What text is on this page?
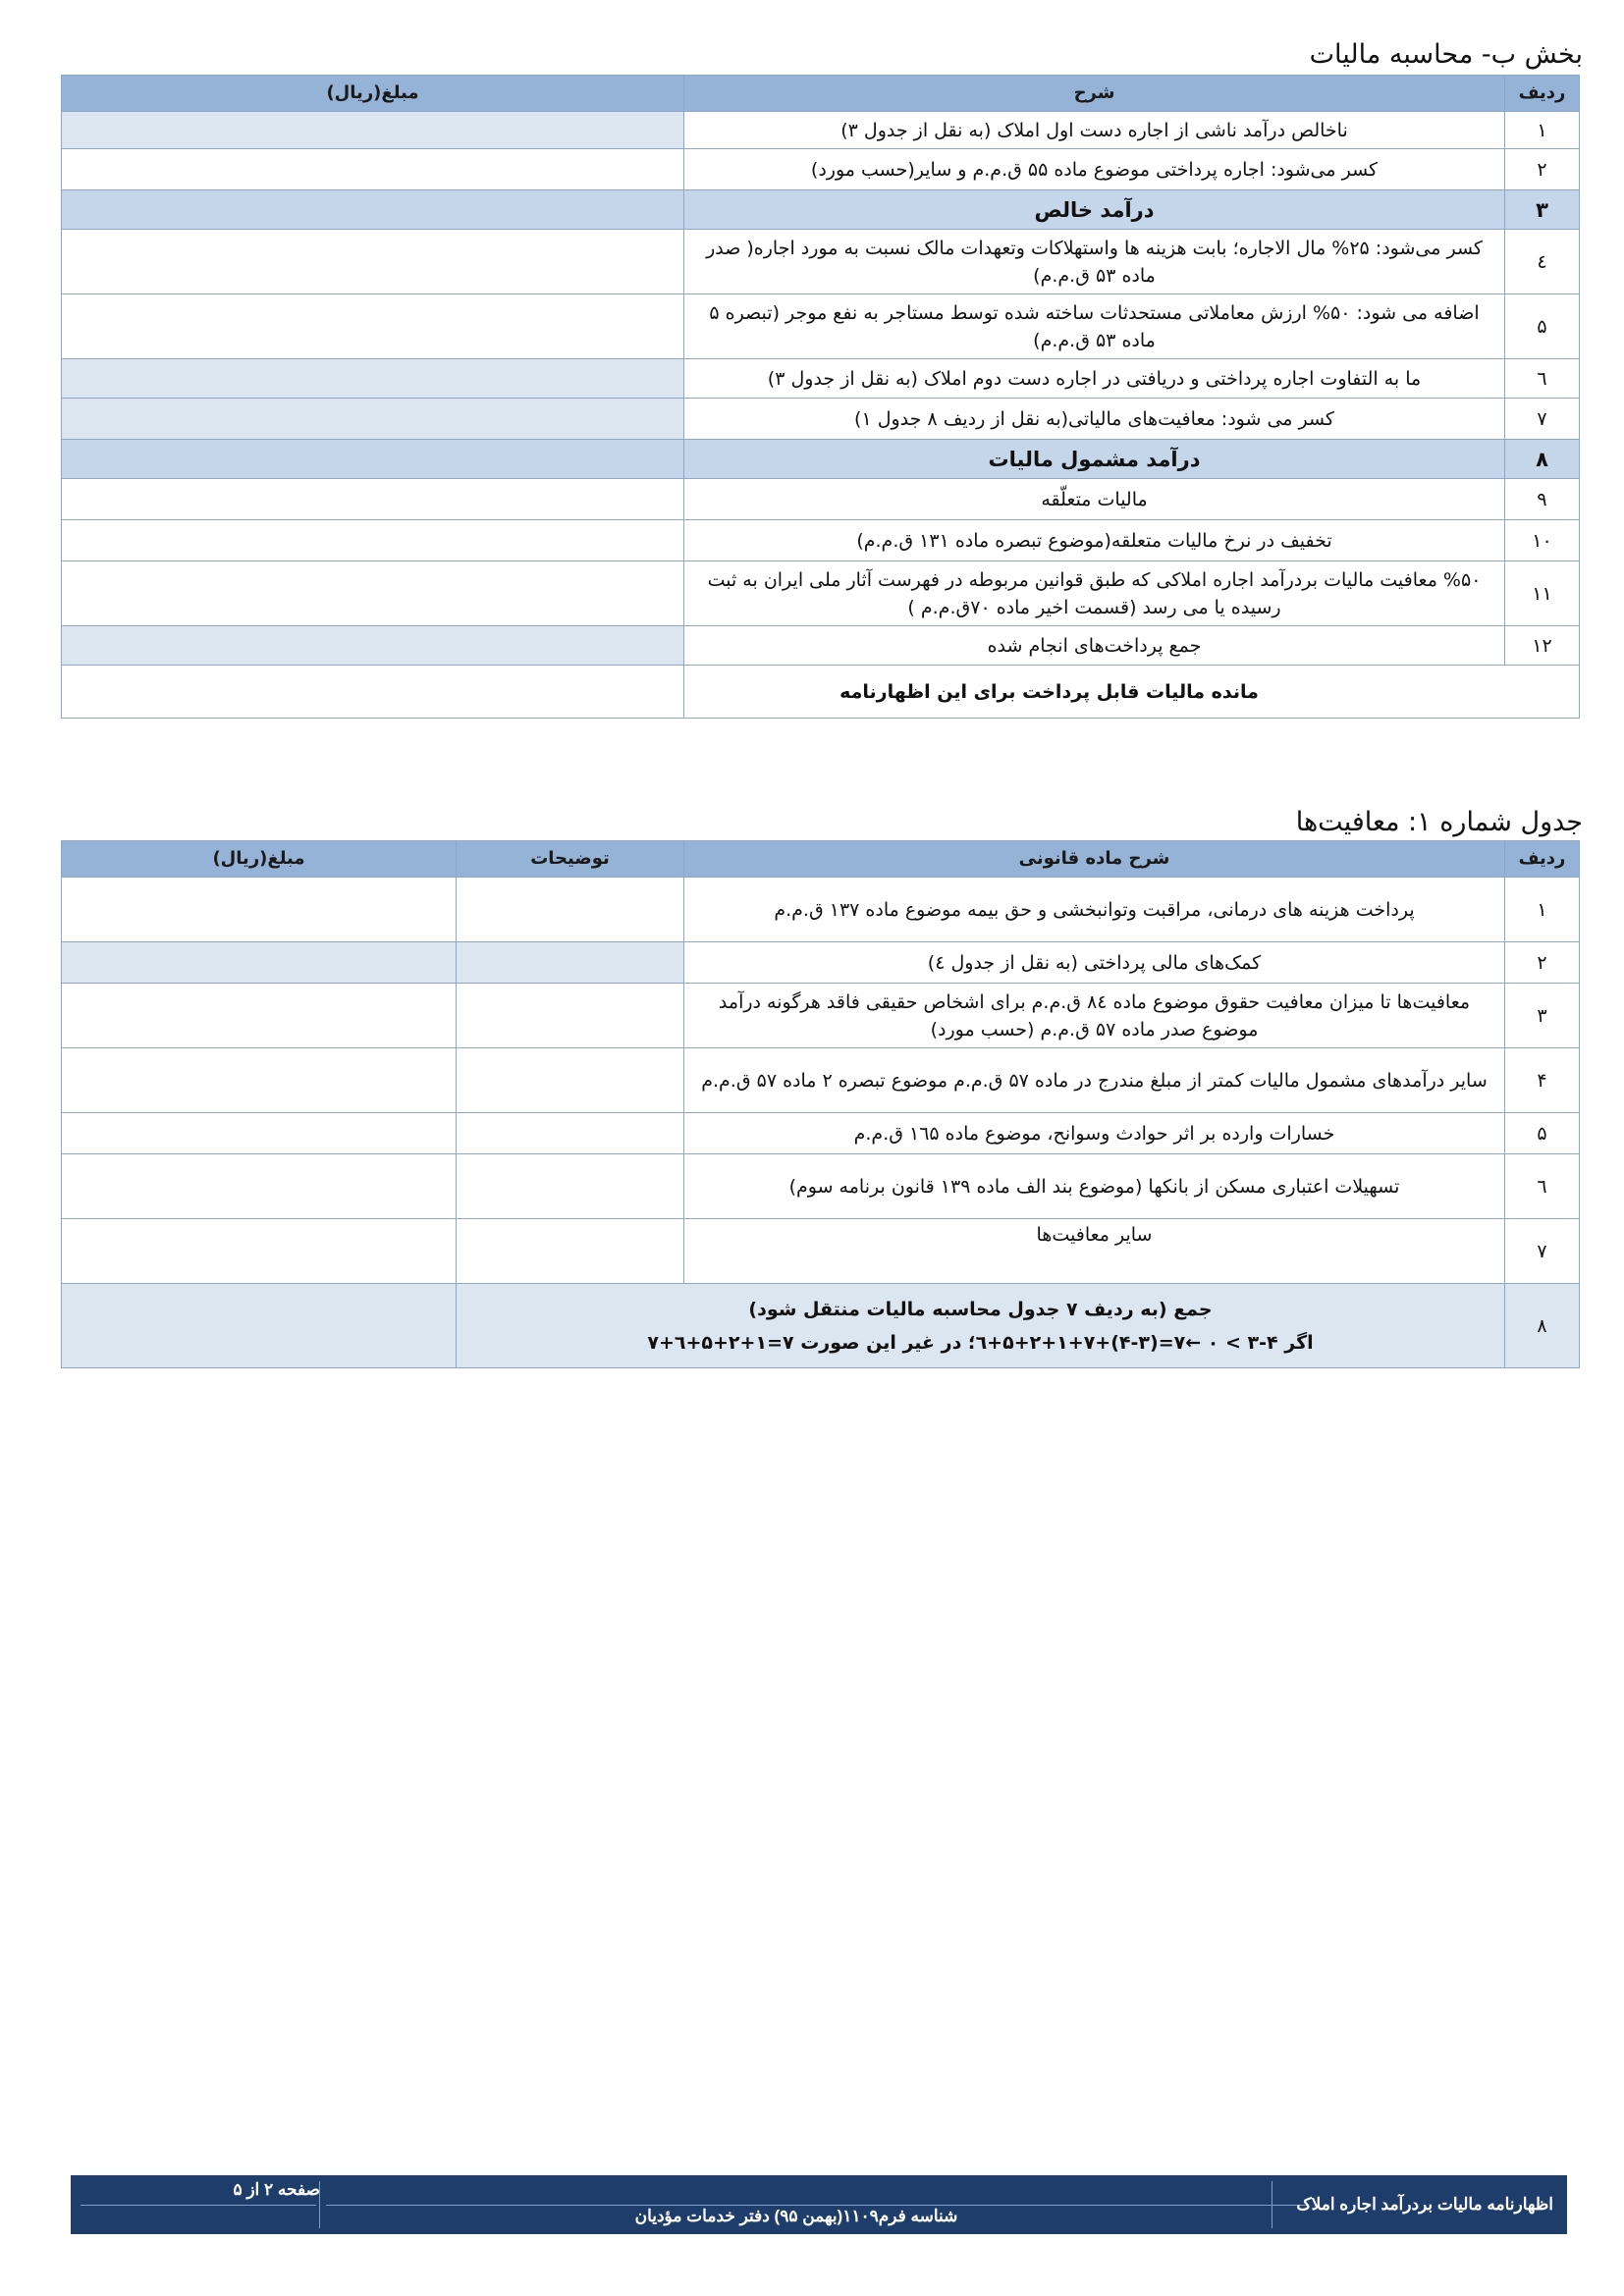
بخش ب- محاسبه مالیات
ردیف	شرح	مبلغ(ریال)
١	ناخالص درآمد ناشی از اجاره دست اول املاک (به نقل از جدول ٣)	
٢	کسر می‌شود: اجاره پرداختی موضوع ماده ۵۵ ق.م.م و سایر(حسب مورد)	
٣	درآمد خالص	
٤	کسر می‌شود: ٢۵% مال الاجاره؛ بابت هزینه ها واستهلاکات وتعهدات مالک نسبت به مورد اجاره( صدر ماده ۵٣ ق.م.م)	
۵	اضافه می شود: ۵٠% ارزش معاملاتی مستحدثات ساخته شده توسط مستاجر به نفع موجر (تبصره ۵ ماده ۵٣ ق.م.م)	
٦	ما به التفاوت اجاره پرداختی و دریافتی در اجاره دست دوم املاک (به نقل از جدول ٣)	
٧	کسر می شود: معافیت‌های مالیاتی(به نقل از ردیف ٨ جدول ١)	
٨	درآمد مشمول مالیات	
٩	مالیات متعلّقه	
١٠	تخفیف در نرخ مالیات متعلقه(موضوع تبصره ماده ١٣١ ق.م.م)	
١١	۵٠% معافیت مالیات بردرآمد اجاره املاکی که طبق قوانین مربوطه در فهرست آثار ملی ایران به ثبت رسیده یا می رسد (قسمت اخیر ماده ٧٠ق.م.م )	
١٢	جمع پرداخت‌های انجام شده	
مانده مالیات قابل پرداخت برای این اظهارنامه		
جدول شماره ١: معافیت‌ها
ردیف	شرح ماده قانونی	توضیحات	مبلغ(ریال)
١	پرداخت هزینه های درمانی، مراقبت وتوانبخشی و حق بیمه موضوع ماده ١٣٧ ق.م.م		
٢	کمک‌های مالی پرداختی (به نقل از جدول ٤)		
٣	معافیت‌ها تا میزان معافیت حقوق موضوع ماده ٨٤ ق.م.م برای اشخاص حقیقی فاقد هرگونه درآمد موضوع صدر ماده ۵٧ ق.م.م (حسب مورد)		
۴	سایر درآمدهای مشمول مالیات کمتر از مبلغ مندرج در ماده ۵٧ ق.م.م موضوع تبصره ٢ ماده ۵٧ ق.م.م		
۵	خسارات وارده بر اثر حوادث وسوانح، موضوع ماده ١٦۵ ق.م.م		
٦	تسهیلات اعتباری مسکن از بانکها (موضوع بند الف ماده ١٣٩ قانون برنامه سوم)		
٧	سایر معافیت‌ها		
٨	جمع (به ردیف ٧ جدول محاسبه مالیات منتقل شود)
اگر ۴-٣ > ٠ ←٧=(٣-۴)+٧+١+٢+۵+٦؛ در غیر این صورت ٧=١+٢+۵+٦+٧		

اظهارنامه مالیات بردرآمد اجاره املاک
شناسه فرم١١٠٩(بهمن ٩۵) دفتر خدمات مؤدیان
صفحه ٢ از ۵
